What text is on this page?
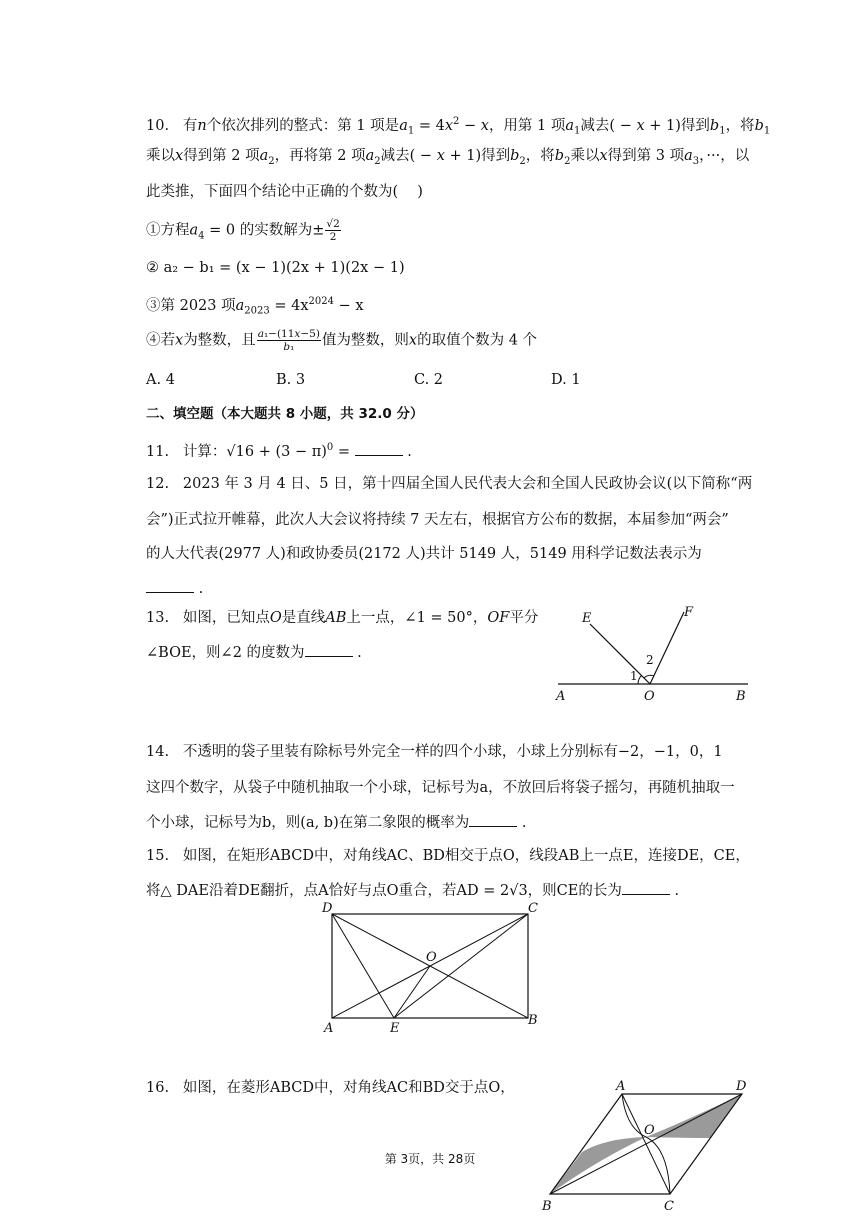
10. 有n个依次排列的整式：第 1 项是$a_1 = 4x^2 - x$，用第 1 项$a_1$减去( − x + 1)得到$b_1$，将$b_1$
乘以x得到第 2 项$a_2$，再将第 2 项$a_2$减去( − x + 1)得到$b_2$，将$b_2$乘以x得到第 3 项$a_3$，···，以
此类推，下面四个结论中正确的个数为(　 )
①方程$a_4 = 0$ 的实数解为± $\frac{√2}{2}$
② a₂ − b₁ = (x − 1)(2x + 1)(2x − 1)
③第 2023 项$a_{2023} = 4x^{2024} - x$
④若x为整数，且 $\frac{\text{a₁−(11x−5)}}{\text{b₁}}$ 值为整数，则x的取值个数为 4 个
A. 4	B. 3	C. 2	D. 1
二、填空题（本大题共 8 小题，共 32.0 分）
11. 计算：$√16 + (3 - \pi)^0$ =	.
12. 2023 年 3 月 4 日、5 日，第十四届全国人民代表大会和全国人民政协会议(以下简称“两
会”)正式拉开帷幕，此次人大会议将持续 7 天左右，根据官方公布的数据，本届参加“两会”
的人大代表(2977 人)和政协委员(2172 人)共计 5149 人，5149 用科学记数法表示为
.
13. 如图，已知点O是直线AB上一点，∠1 = 50°，OF平分
∠BOE，则∠2 的度数为	.
E	F
A	O	B
1
2
14. 不透明的袋子里装有除标号外完全一样的四个小球，小球上分别标有−2，−1，0，1
这四个数字，从袋子中随机抽取一个小球，记标号为a，不放回后将袋子摇匀，再随机抽取一
个小球，记标号为b，则(a, b)在第二象限的概率为	.
15. 如图，在矩形ABCD中，对角线AC、BD相交于点O，线段AB上一点E，连接DE，CE，
将△ DAE沿着DE翻折，点A恰好与点O重合，若AD = 2√3，则CE的长为	.
D	C
O
A	E
B
16. 如图，在菱形ABCD中，对角线AC和BD交于点O，	A	D
O
B	C
第 3页，共 28页
